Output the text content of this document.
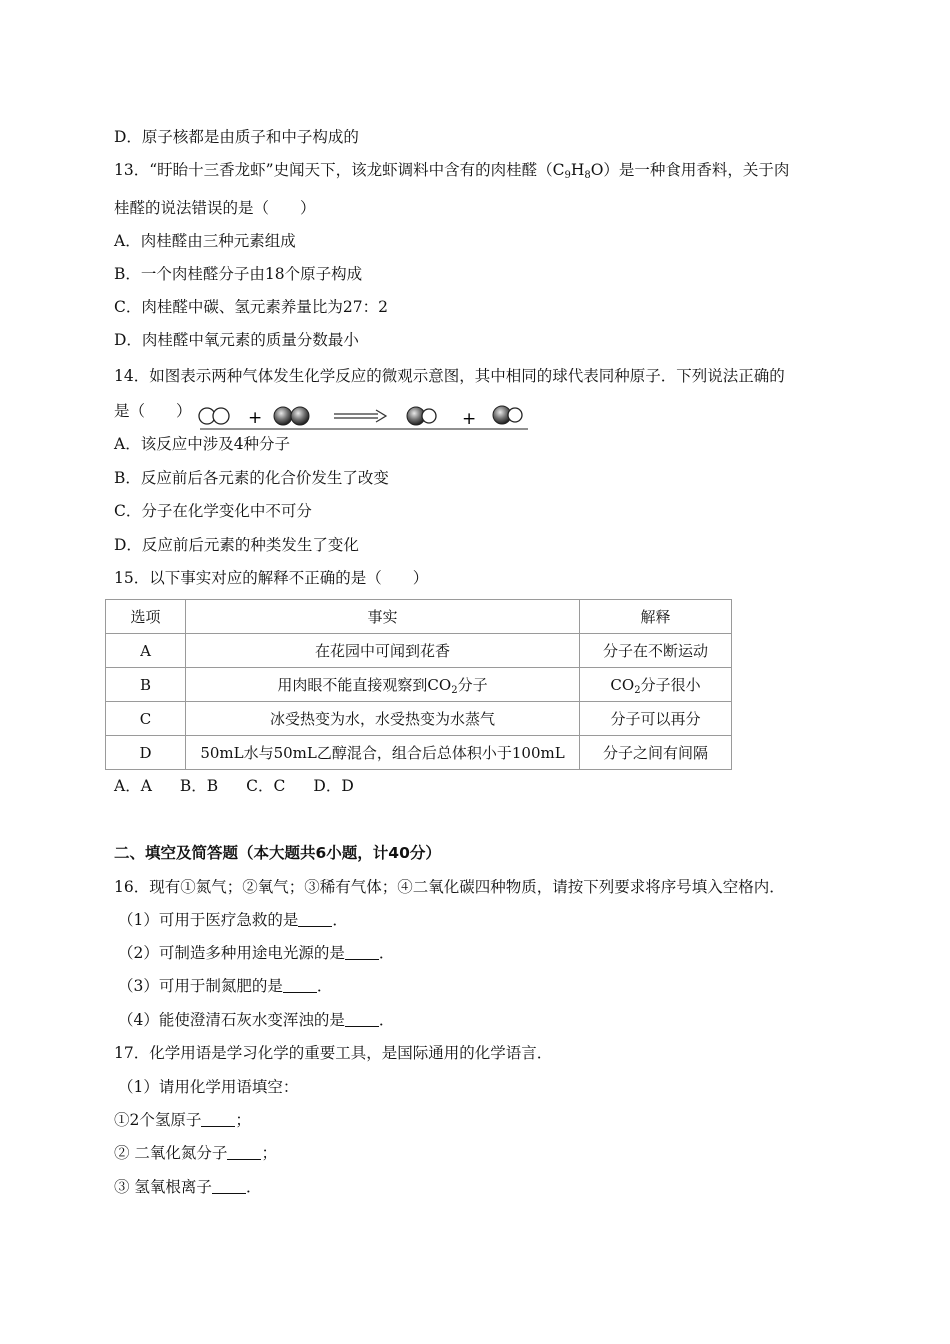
D．原子核都是由质子和中子构成的
13．“盱眙十三香龙虾”史闻天下，该龙虾调料中含有的肉桂醛$(C_9H_8O)$是一种食用香料，关于肉
桂醛的说法错误的是（　　）
A．肉桂醛由三种元素组成
B．一个肉桂醛分子由18个原子构成
C．肉桂醛中碳、氢元素养量比为27：2
D．肉桂醛中氧元素的质量分数最小
14．如图表示两种气体发生化学反应的微观示意图，其中相同的球代表同种原子．下列说法正确的
是（　　）	+	+
A．该反应中涉及4种分子
B．反应前后各元素的化合价发生了改变
C．分子在化学变化中不可分
D．反应前后元素的种类发生了变化
15．以下事实对应的解释不正确的是（　　）
选项	事实	解释
A	在花园中可闻到花香	分子在不断运动
B	用肉眼不能直接观察到$CO_2$分子	$CO_2$分子很小
C	冰受热变为水，水受热变为水蒸气	分子可以再分
D	50mL水与50mL乙醇混合，组合后总体积小于100mL	分子之间有间隔
A．A B．B C．C D．D
二、填空及简答题（本大题共6小题，计40分）
16．现有①氮气；②氧气；③稀有气体；④二氧化碳四种物质，请按下列要求将序号填入空格内．
（1）可用于医疗急救的是 ．
（2）可制造多种用途电光源的是 ．
（3）可用于制氮肥的是 ．
（4）能使澄清石灰水变浑浊的是 ．
17．化学用语是学习化学的重要工具，是国际通用的化学语言．
（1）请用化学用语填空：
①2个氢原子 ；
② 二氧化氮分子 ；
③ 氢氧根离子 ．
